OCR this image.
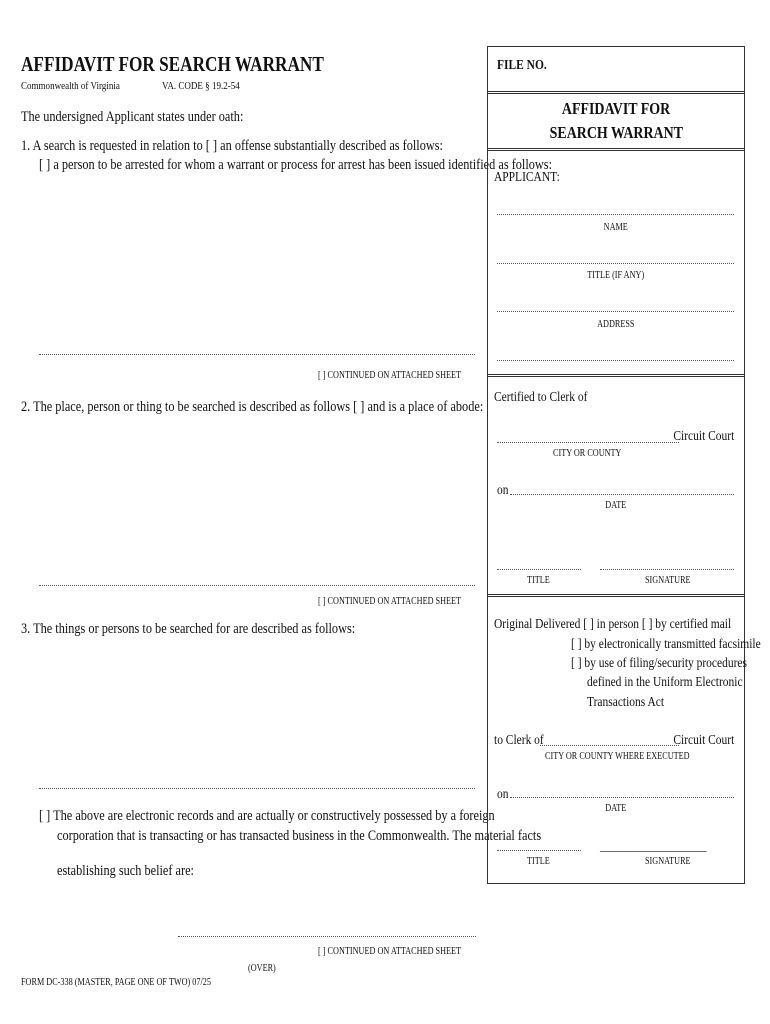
AFFIDAVIT FOR SEARCH WARRANT
Commonwealth of Virginia	VA. CODE § 19.2-54
The undersigned Applicant states under oath:
1. A search is requested in relation to [ ] an offense substantially described as follows:
[ ] a person to be arrested for whom a warrant or process for arrest has been issued identified as follows:
[ ] CONTINUED ON ATTACHED SHEET
2. The place, person or thing to be searched is described as follows [ ] and is a place of abode:
[ ] CONTINUED ON ATTACHED SHEET
3. The things or persons to be searched for are described as follows:
[ ] The above are electronic records and are actually or constructively possessed by a foreign
corporation that is transacting or has transacted business in the Commonwealth. The material facts
establishing such belief are:
[ ] CONTINUED ON ATTACHED SHEET
(OVER)
FORM DC-338 (MASTER, PAGE ONE OF TWO) 07/25
FILE NO.
AFFIDAVIT FOR
SEARCH WARRANT
APPLICANT:
NAME
TITLE (IF ANY)
ADDRESS
Certified to Clerk of
Circuit Court
CITY OR COUNTY
on
DATE
TITLE	SIGNATURE
Original Delivered [ ] in person [ ] by certified mail
[ ] by electronically transmitted facsimile
[ ] by use of filing/security procedures
defined in the Uniform Electronic
Transactions Act
to Clerk of	Circuit Court
CITY OR COUNTY WHERE EXECUTED
on
DATE
____________________
TITLE	SIGNATURE
